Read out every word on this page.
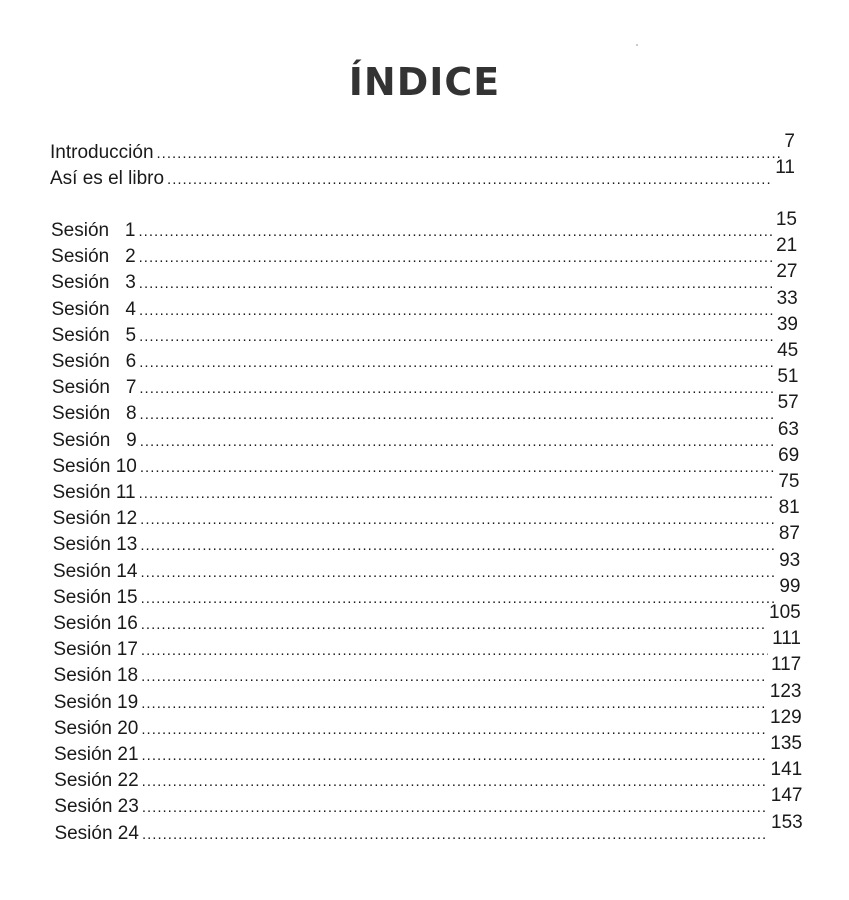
ÍNDICE
Introducción
.....
7
Así es el libro
.....
11
Sesión   1
.....
15
Sesión   2
.....
21
Sesión   3
.....
27
Sesión   4
.....
33
Sesión   5
.....
39
Sesión   6
.....
45
Sesión   7
.....
51
Sesión   8
.....
57
Sesión   9
.....
63
Sesión 10
.....
69
Sesión 11
.....
75
Sesión 12
.....
81
Sesión 13
.....
87
Sesión 14
.....
93
Sesión 15
.....
99
Sesión 16
.....
105
Sesión 17
.....
111
Sesión 18
.....
117
Sesión 19
.....
123
Sesión 20
.....
129
Sesión 21
.....
135
Sesión 22
.....
141
Sesión 23
.....
147
Sesión 24
.....
153
